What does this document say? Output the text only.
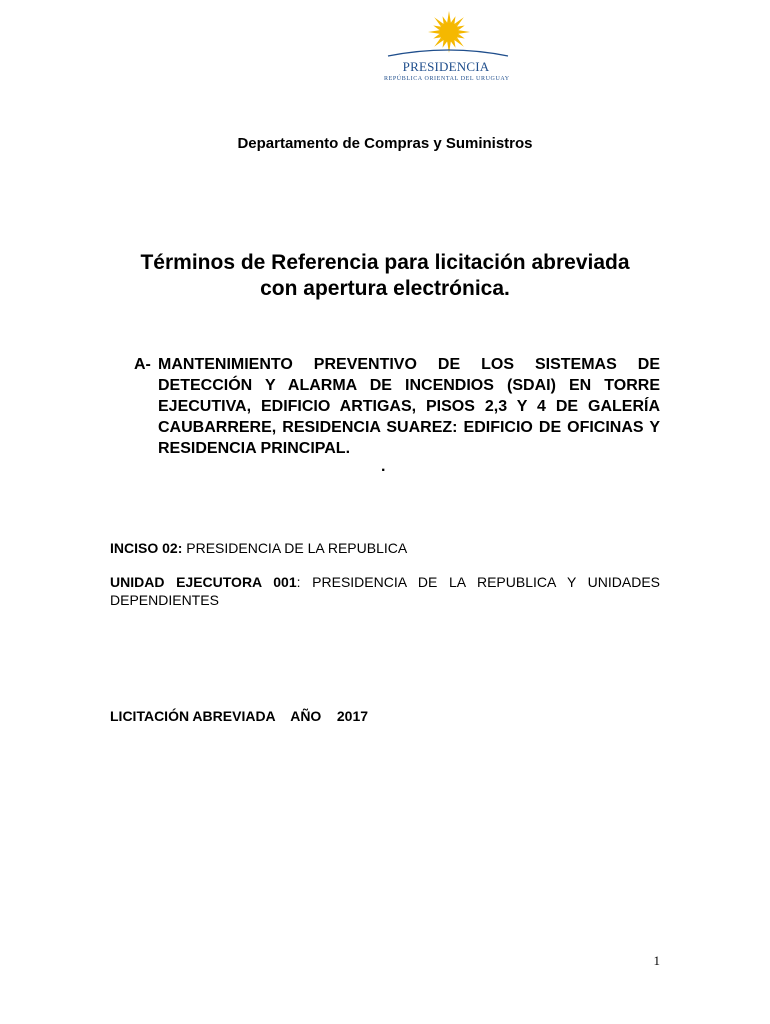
PRESIDENCIA
REPÚBLICA ORIENTAL DEL URUGUAY
Departamento de Compras y Suministros
Términos de Referencia para licitación abreviada
con apertura electrónica.
A- MANTENIMIENTO PREVENTIVO DE LOS SISTEMAS DE DETECCIÓN Y ALARMA DE INCENDIOS (SDAI) EN TORRE EJECUTIVA, EDIFICIO ARTIGAS, PISOS 2,3 Y 4 DE GALERÍA CAUBARRERE, RESIDENCIA SUAREZ: EDIFICIO DE OFICINAS Y RESIDENCIA PRINCIPAL.
.
INCISO 02: PRESIDENCIA DE LA REPUBLICA
UNIDAD EJECUTORA 001: PRESIDENCIA DE LA REPUBLICA Y UNIDADES DEPENDIENTES
LICITACIÓN ABREVIADA AÑO 2017
1
